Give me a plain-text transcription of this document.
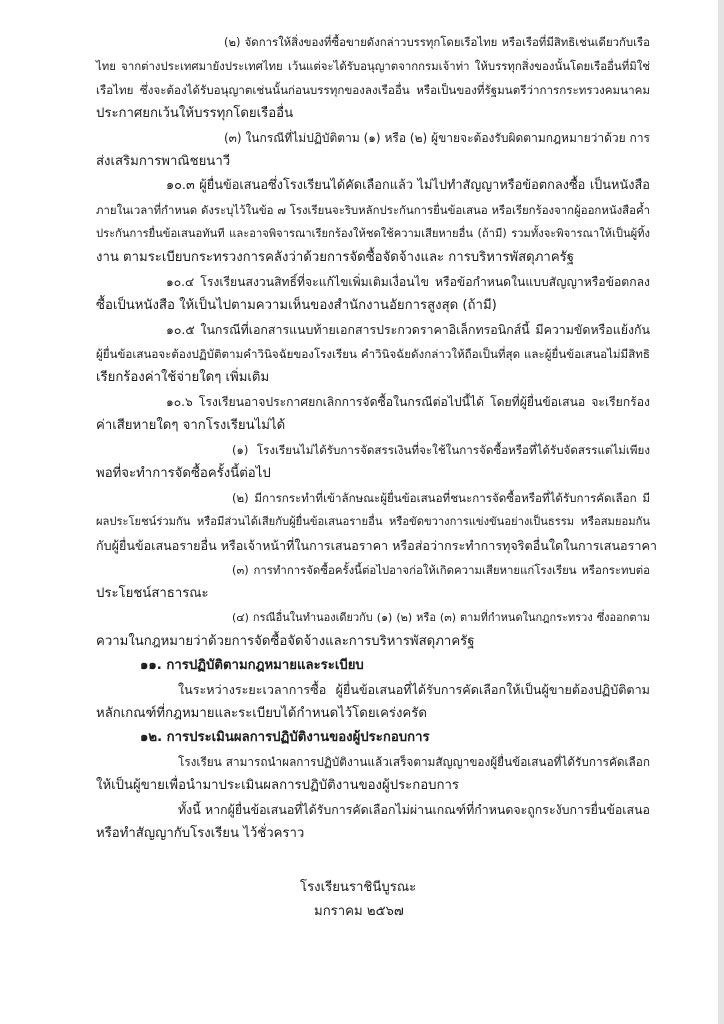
(๒) จัดการให้สิ่งของที่ซื้อขายดังกล่าวบรรทุกโดยเรือไทย หรือเรือที่มีสิทธิเช่นเดียวกับเรือ
ไทย จากต่างประเทศมายังประเทศไทย เว้นแต่จะได้รับอนุญาตจากกรมเจ้าท่า ให้บรรทุกสิ่งของนั้นโดยเรืออื่นที่มิใช่
เรือไทย ซึ่งจะต้องได้รับอนุญาตเช่นนั้นก่อนบรรทุกของลงเรืออื่น หรือเป็นของที่รัฐมนตรีว่าการกระทรวงคมนาคม
ประกาศยกเว้นให้บรรทุกโดยเรืออื่น
(๓) ในกรณีที่ไม่ปฏิบัติตาม (๑) หรือ (๒) ผู้ขายจะต้องรับผิดตามกฎหมายว่าด้วย การ
ส่งเสริมการพาณิชยนาวี
๑๐.๓ ผู้ยื่นข้อเสนอซึ่งโรงเรียนได้คัดเลือกแล้ว ไม่ไปทำสัญญาหรือข้อตกลงซื้อ เป็นหนังสือ
ภายในเวลาที่กำหนด ดังระบุไว้ในข้อ ๗ โรงเรียนจะริบหลักประกันการยื่นข้อเสนอ หรือเรียกร้องจากผู้ออกหนังสือค้ำ
ประกันการยื่นข้อเสนอทันที และอาจพิจารณาเรียกร้องให้ชดใช้ความเสียหายอื่น (ถ้ามี) รวมทั้งจะพิจารณาให้เป็นผู้ทิ้ง
งาน ตามระเบียบกระทรวงการคลังว่าด้วยการจัดซื้อจัดจ้างและ การบริหารพัสดุภาครัฐ
๑๐.๔ โรงเรียนสงวนสิทธิ์ที่จะแก้ไขเพิ่มเติมเงื่อนไข หรือข้อกำหนดในแบบสัญญาหรือข้อตกลง
ซื้อเป็นหนังสือ ให้เป็นไปตามความเห็นของสำนักงานอัยการสูงสุด (ถ้ามี)
๑๐.๕ ในกรณีที่เอกสารแนบท้ายเอกสารประกวดราคาอิเล็กทรอนิกส์นี้ มีความขัดหรือแย้งกัน
ผู้ยื่นข้อเสนอจะต้องปฏิบัติตามคำวินิจฉัยของโรงเรียน คำวินิจฉัยดังกล่าวให้ถือเป็นที่สุด และผู้ยื่นข้อเสนอไม่มีสิทธิ
เรียกร้องค่าใช้จ่ายใดๆ เพิ่มเติม
๑๐.๖ โรงเรียนอาจประกาศยกเลิกการจัดซื้อในกรณีต่อไปนี้ได้ โดยที่ผู้ยื่นข้อเสนอ จะเรียกร้อง
ค่าเสียหายใดๆ จากโรงเรียนไม่ได้
(๑) โรงเรียนไม่ได้รับการจัดสรรเงินที่จะใช้ในการจัดซื้อหรือที่ได้รับจัดสรรแต่ไม่เพียง
พอที่จะทำการจัดซื้อครั้งนี้ต่อไป
(๒) มีการกระทำที่เข้าลักษณะผู้ยื่นข้อเสนอที่ชนะการจัดซื้อหรือที่ได้รับการคัดเลือก มี
ผลประโยชน์ร่วมกัน หรือมีส่วนได้เสียกับผู้ยื่นข้อเสนอรายอื่น หรือขัดขวางการแข่งขันอย่างเป็นธรรม หรือสมยอมกัน
กับผู้ยื่นข้อเสนอรายอื่น หรือเจ้าหน้าที่ในการเสนอราคา หรือส่อว่ากระทำการทุจริตอื่นใดในการเสนอราคา
(๓) การทำการจัดซื้อครั้งนี้ต่อไปอาจก่อให้เกิดความเสียหายแก่โรงเรียน หรือกระทบต่อ
ประโยชน์สาธารณะ
(๔) กรณีอื่นในทำนองเดียวกับ (๑) (๒) หรือ (๓) ตามที่กำหนดในกฎกระทรวง ซึ่งออกตาม
ความในกฎหมายว่าด้วยการจัดซื้อจัดจ้างและการบริหารพัสดุภาครัฐ
๑๑. การปฏิบัติตามกฎหมายและระเบียบ
ในระหว่างระยะเวลาการซื้อ ผู้ยื่นข้อเสนอที่ได้รับการคัดเลือกให้เป็นผู้ขายต้องปฏิบัติตาม
หลักเกณฑ์ที่กฎหมายและระเบียบได้กำหนดไว้โดยเคร่งครัด
๑๒. การประเมินผลการปฏิบัติงานของผู้ประกอบการ
โรงเรียน สามารถนำผลการปฏิบัติงานแล้วเสร็จตามสัญญาของผู้ยื่นข้อเสนอที่ได้รับการคัดเลือก
ให้เป็นผู้ขายเพื่อนำมาประเมินผลการปฏิบัติงานของผู้ประกอบการ
ทั้งนี้ หากผู้ยื่นข้อเสนอที่ได้รับการคัดเลือกไม่ผ่านเกณฑ์ที่กำหนดจะถูกระงับการยื่นข้อเสนอ
หรือทำสัญญากับโรงเรียน ไว้ชั่วคราว
โรงเรียนราชินีบูรณะ
มกราคม ๒๕๖๗
